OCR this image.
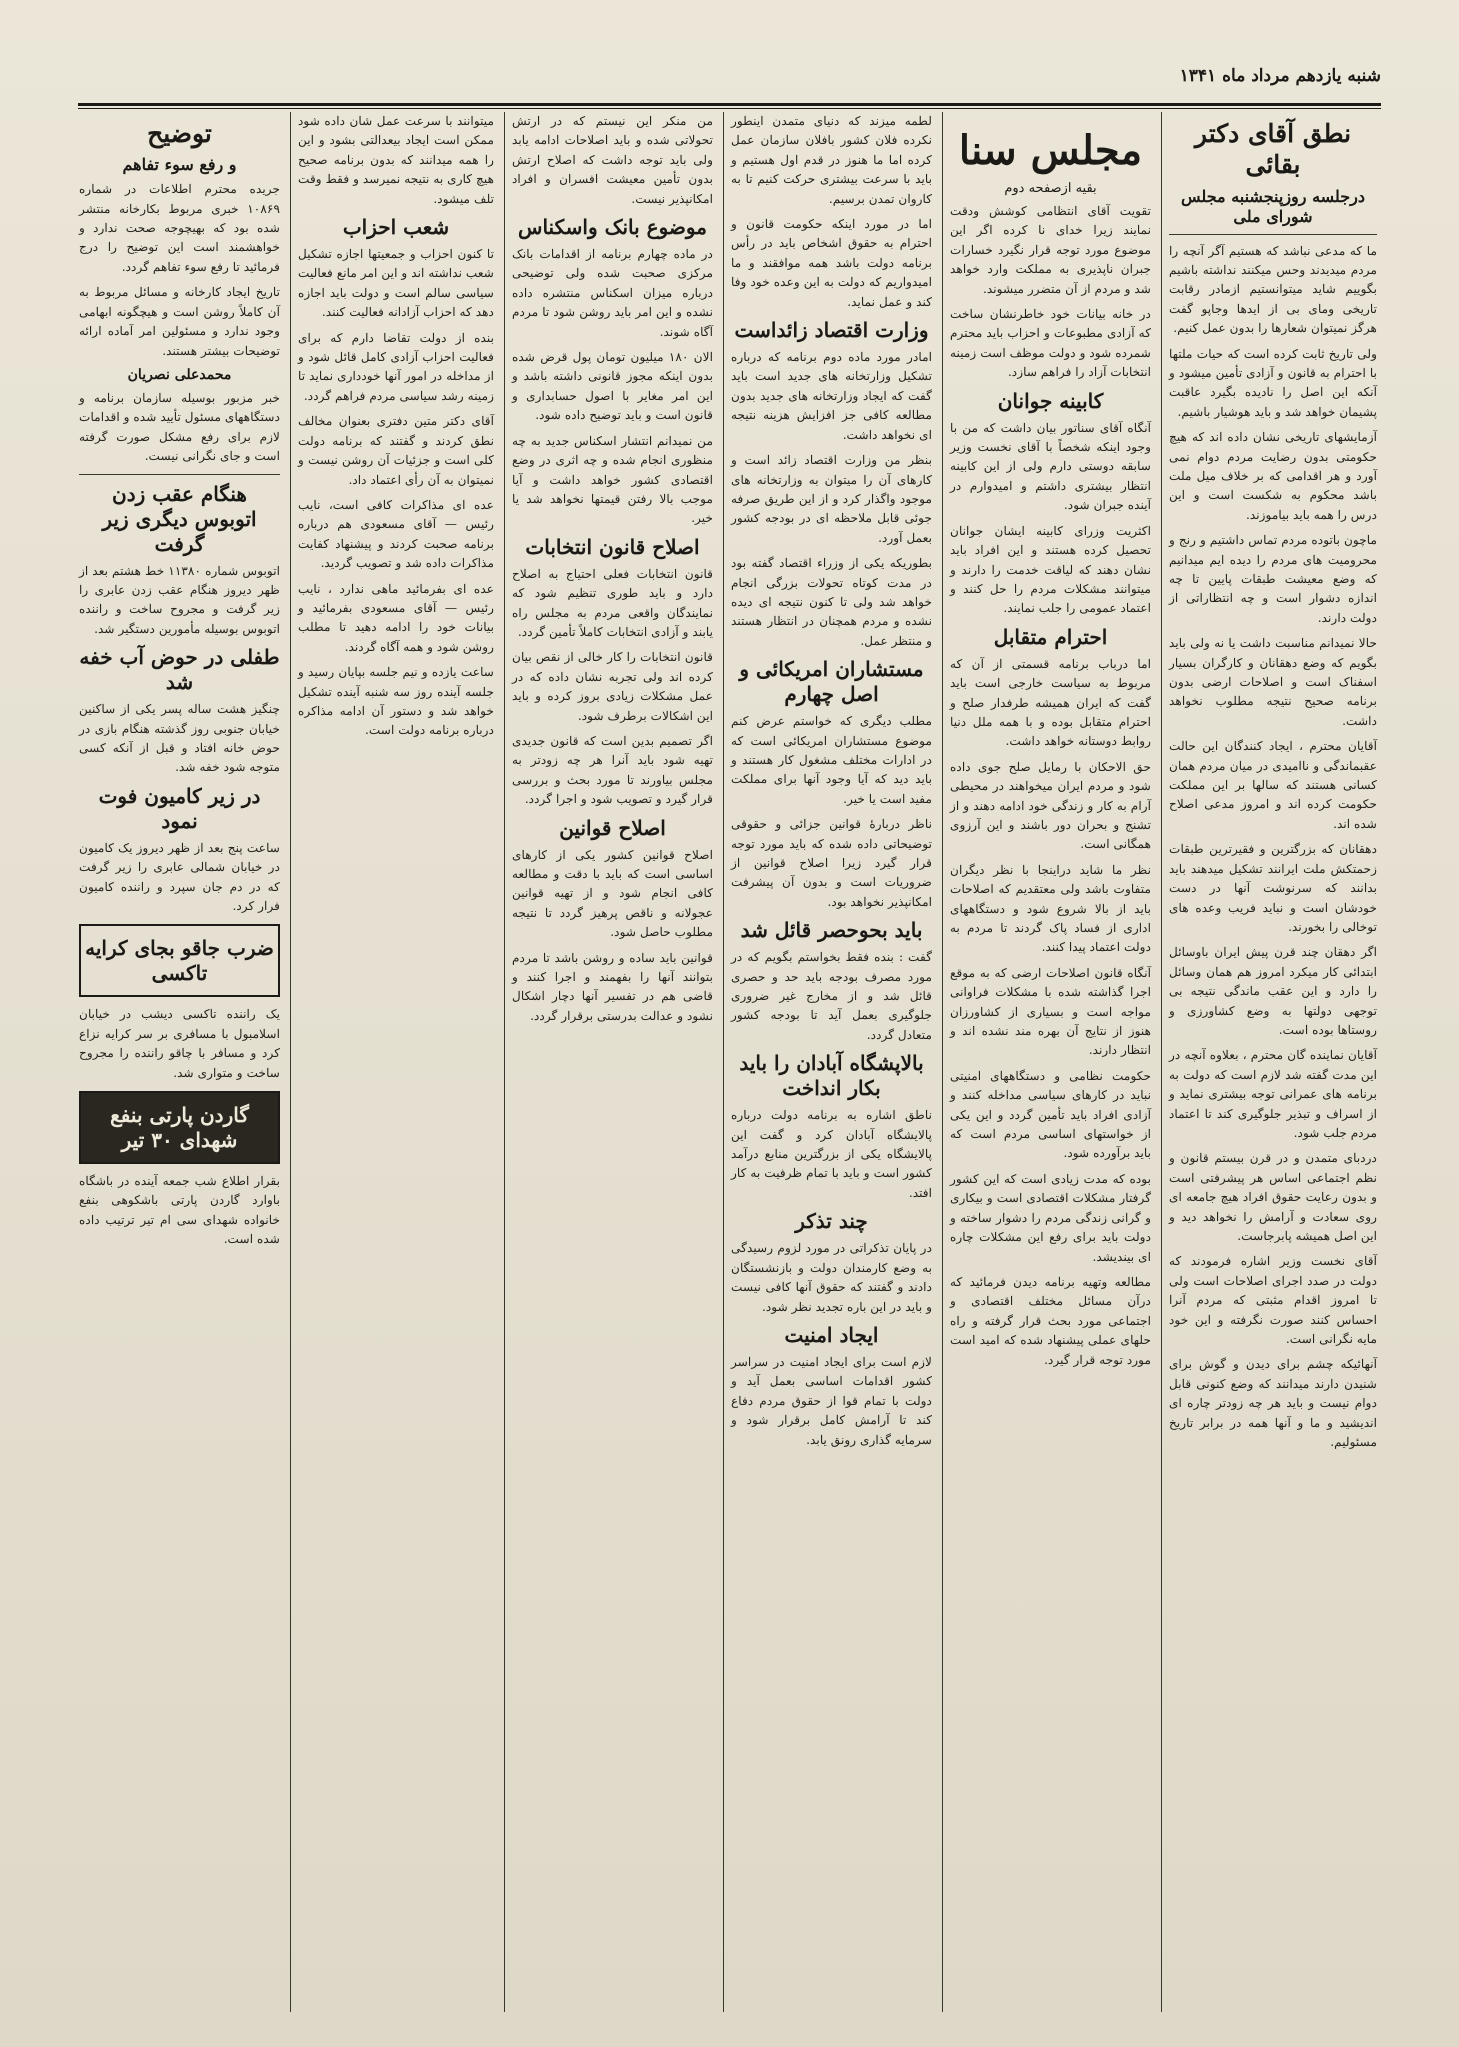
شنبه یازدهم مرداد ماه ۱۳۴۱
نطق آقای دکتر بقائی
درجلسه روزپنجشنبه مجلس شورای ملی

ما که مدعی نباشد که هستیم آگر آنچه را مردم میدیدند وحس میکنند نداشته باشیم بگوییم شاید میتوانستیم ازمادر رقابت تاریخی ومای بی از ایدها وجاپو گفت هرگز نمیتوان شعارها را بدون عمل کنیم.

ولی تاریخ ثابت کرده است که حیات ملتها با احترام به قانون و آزادی تأمین میشود و آنکه این اصل را نادیده بگیرد عاقبت پشیمان خواهد شد و باید هوشیار باشیم.

آزمایشهای تاریخی نشان داده اند که هیچ حکومتی بدون رضایت مردم دوام نمی آورد و هر اقدامی که بر خلاف میل ملت باشد محکوم به شکست است و این درس را همه باید بیاموزند.

ماچون باتوده مردم تماس داشتیم و رنج و محرومیت های مردم را دیده ایم میدانیم که وضع معیشت طبقات پایین تا چه اندازه دشوار است و چه انتظاراتی از دولت دارند.

حالا نمیدانم مناسبت داشت یا نه ولی باید بگویم که وضع دهقانان و کارگران بسیار اسفناک است و اصلاحات ارضی بدون برنامه صحیح نتیجه مطلوب نخواهد داشت.

آقایان محترم ، ایجاد کنندگان این حالت عقبماندگی و ناامیدی در میان مردم همان کسانی هستند که سالها بر این مملکت حکومت کرده اند و امروز مدعی اصلاح شده اند.

دهقانان که بزرگترین و فقیرترین طبقات زحمتکش ملت ایرانند تشکیل میدهند باید بدانند که سرنوشت آنها در دست خودشان است و نباید فریب وعده های توخالی را بخورند.

اگر دهقان چند قرن پیش ایران باوسائل ابتدائی کار میکرد امروز هم همان وسائل را دارد و این عقب ماندگی نتیجه بی توجهی دولتها به وضع کشاورزی و روستاها بوده است.

آقایان نماینده گان محترم ، بعلاوه آنچه در این مدت گفته شد لازم است که دولت به برنامه های عمرانی توجه بیشتری نماید و از اسراف و تبذیر جلوگیری کند تا اعتماد مردم جلب شود.

دردبای متمدن و در قرن بیستم قانون و نظم اجتماعی اساس هر پیشرفتی است و بدون رعایت حقوق افراد هیچ جامعه ای روی سعادت و آرامش را نخواهد دید و این اصل همیشه پابرجاست.

آقای نخست وزیر اشاره فرمودند که دولت در صدد اجرای اصلاحات است ولی تا امروز اقدام مثبتی که مردم آنرا احساس کنند صورت نگرفته و این خود مایه نگرانی است.

آنهائیکه چشم برای دیدن و گوش برای شنیدن دارند میدانند که وضع کنونی قابل دوام نیست و باید هر چه زودتر چاره ای اندیشید و ما و آنها همه در برابر تاریخ مسئولیم.

مجلس سنا
بقیه ازصفحه دوم

تقویت آقای انتظامی کوشش ودقت نمایند زیرا خدای نا کرده اگر این موضوع مورد توجه قرار نگیرد خسارات جبران ناپذیری به مملکت وارد خواهد شد و مردم از آن متضرر میشوند.

در خانه بیانات خود خاطرنشان ساخت که آزادی مطبوعات و احزاب باید محترم شمرده شود و دولت موظف است زمینه انتخابات آزاد را فراهم سازد.

کابینه جوانان

آنگاه آقای سناتور بیان داشت که من با وجود اینکه شخصاً با آقای نخست وزیر سابقه دوستی دارم ولی از این کابینه انتظار بیشتری داشتم و امیدوارم در آینده جبران شود.

اکثریت وزرای کابینه ایشان جوانان تحصیل کرده هستند و این افراد باید نشان دهند که لیاقت خدمت را دارند و میتوانند مشکلات مردم را حل کنند و اعتماد عمومی را جلب نمایند.

احترام متقابل

اما درباب برنامه قسمتی از آن که مربوط به سیاست خارجی است باید گفت که ایران همیشه طرفدار صلح و احترام متقابل بوده و با همه ملل دنیا روابط دوستانه خواهد داشت.

حق الاحکان با رمایل صلح جوی داده شود و مردم ایران میخواهند در محیطی آرام به کار و زندگی خود ادامه دهند و از تشنج و بحران دور باشند و این آرزوی همگانی است.

نظر ما شاید دراینجا با نظر دیگران متفاوت باشد ولی معتقدیم که اصلاحات باید از بالا شروع شود و دستگاههای اداری از فساد پاک گردند تا مردم به دولت اعتماد پیدا کنند.

آنگاه قانون اصلاحات ارضی که به موقع اجرا گذاشته شده با مشکلات فراوانی مواجه است و بسیاری از کشاورزان هنوز از نتایج آن بهره مند نشده اند و انتظار دارند.

حکومت نظامی و دستگاههای امنیتی نباید در کارهای سیاسی مداخله کنند و آزادی افراد باید تأمین گردد و این یکی از خواستهای اساسی مردم است که باید برآورده شود.

بوده که مدت زیادی است که این کشور گرفتار مشکلات اقتصادی است و بیکاری و گرانی زندگی مردم را دشوار ساخته و دولت باید برای رفع این مشکلات چاره ای بیندیشد.

مطالعه وتهیه برنامه دیدن فرمائید که درآن مسائل مختلف اقتصادی و اجتماعی مورد بحث قرار گرفته و راه حلهای عملی پیشنهاد شده که امید است مورد توجه قرار گیرد.

لطمه میزند که دنیای متمدن اینطور نکرده فلان کشور بافلان سازمان عمل کرده اما ما هنوز در قدم اول هستیم و باید با سرعت بیشتری حرکت کنیم تا به کاروان تمدن برسیم.

اما در مورد اینکه حکومت قانون و احترام به حقوق اشخاص باید در رأس برنامه دولت باشد همه موافقند و ما امیدواریم که دولت به این وعده خود وفا کند و عمل نماید.

وزارت اقتصاد زائداست

امادر مورد ماده دوم برنامه که درباره تشکیل وزارتخانه های جدید است باید گفت که ایجاد وزارتخانه های جدید بدون مطالعه کافی جز افزایش هزینه نتیجه ای نخواهد داشت.

بنظر من وزارت اقتصاد زائد است و کارهای آن را میتوان به وزارتخانه های موجود واگذار کرد و از این طریق صرفه جوئی قابل ملاحظه ای در بودجه کشور بعمل آورد.

بطوریکه یکی از وزراء اقتصاد گفته بود در مدت کوتاه تحولات بزرگی انجام خواهد شد ولی تا کنون نتیجه ای دیده نشده و مردم همچنان در انتظار هستند و منتظر عمل.

مستشاران امریکائی و اصل چهارم

مطلب دیگری که خواستم عرض کنم موضوع مستشاران امریکائی است که در ادارات مختلف مشغول کار هستند و باید دید که آیا وجود آنها برای مملکت مفید است یا خیر.

ناظر دربارهٔ قوانین جزائی و حقوقی توضیحاتی داده شده که باید مورد توجه قرار گیرد زیرا اصلاح قوانین از ضروریات است و بدون آن پیشرفت امکانپذیر نخواهد بود.

باید بحوحصر قائل شد

گفت : بنده فقط بخواستم بگویم که در مورد مصرف بودجه باید حد و حصری قائل شد و از مخارج غیر ضروری جلوگیری بعمل آید تا بودجه کشور متعادل گردد.

بالاپشگاه آبادان را باید بکار انداخت

ناطق اشاره به برنامه دولت درباره پالایشگاه آبادان کرد و گفت این پالایشگاه یکی از بزرگترین منابع درآمد کشور است و باید با تمام ظرفیت به کار افتد.

چند تذکر

در پایان تذکراتی در مورد لزوم رسیدگی به وضع کارمندان دولت و بازنشستگان دادند و گفتند که حقوق آنها کافی نیست و باید در این باره تجدید نظر شود.

ایجاد امنیت

لازم است برای ایجاد امنیت در سراسر کشور اقدامات اساسی بعمل آید و دولت با تمام قوا از حقوق مردم دفاع کند تا آرامش کامل برقرار شود و سرمایه گذاری رونق یابد.

من منکر این نیستم که در ارتش تحولاتی شده و باید اصلاحات ادامه یابد ولی باید توجه داشت که اصلاح ارتش بدون تأمین معیشت افسران و افراد امکانپذیر نیست.

موضوع بانک واسکناس

در ماده چهارم برنامه از اقدامات بانک مرکزی صحبت شده ولی توضیحی درباره میزان اسکناس منتشره داده نشده و این امر باید روشن شود تا مردم آگاه شوند.

الان ۱۸۰ میلیون تومان پول قرض شده بدون اینکه مجوز قانونی داشته باشد و این امر مغایر با اصول حسابداری و قانون است و باید توضیح داده شود.

من نمیدانم انتشار اسکناس جدید به چه منظوری انجام شده و چه اثری در وضع اقتصادی کشور خواهد داشت و آیا موجب بالا رفتن قیمتها نخواهد شد یا خیر.

اصلاح قانون انتخابات

قانون انتخابات فعلی احتیاج به اصلاح دارد و باید طوری تنظیم شود که نمایندگان واقعی مردم به مجلس راه یابند و آزادی انتخابات کاملاً تأمین گردد.

قانون انتخابات را کار خالی از نقص بیان کرده اند ولی تجربه نشان داده که در عمل مشکلات زیادی بروز کرده و باید این اشکالات برطرف شود.

اگر تصمیم بدین است که قانون جدیدی تهیه شود باید آنرا هر چه زودتر به مجلس بیاورند تا مورد بحث و بررسی قرار گیرد و تصویب شود و اجرا گردد.

اصلاح قوانین

اصلاح قوانین کشور یکی از کارهای اساسی است که باید با دقت و مطالعه کافی انجام شود و از تهیه قوانین عجولانه و ناقص پرهیز گردد تا نتیجه مطلوب حاصل شود.

قوانین باید ساده و روشن باشد تا مردم بتوانند آنها را بفهمند و اجرا کنند و قاضی هم در تفسیر آنها دچار اشکال نشود و عدالت بدرستی برقرار گردد.

میتوانند با سرعت عمل شان داده شود ممکن است ایجاد بیعدالتی بشود و این را همه میدانند که بدون برنامه صحیح هیچ کاری به نتیجه نمیرسد و فقط وقت تلف میشود.

شعب احزاب

تا کنون احزاب و جمعیتها اجازه تشکیل شعب نداشته اند و این امر مانع فعالیت سیاسی سالم است و دولت باید اجازه دهد که احزاب آزادانه فعالیت کنند.

بنده از دولت تقاضا دارم که برای فعالیت احزاب آزادی کامل قائل شود و از مداخله در امور آنها خودداری نماید تا زمینه رشد سیاسی مردم فراهم گردد.

آقای دکتر متین دفتری بعنوان مخالف نطق کردند و گفتند که برنامه دولت کلی است و جزئیات آن روشن نیست و نمیتوان به آن رأی اعتماد داد.

عده ای مذاکرات کافی است، نایب رئیس — آقای مسعودی هم درباره برنامه صحبت کردند و پیشنهاد کفایت مذاکرات داده شد و تصویب گردید.

عده ای بفرمائید ماهی ندارد ، نایب رئیس — آقای مسعودی بفرمائید و بیانات خود را ادامه دهید تا مطلب روشن شود و همه آگاه گردند.

ساعت یازده و نیم جلسه بپایان رسید و جلسه آینده روز سه شنبه آینده تشکیل خواهد شد و دستور آن ادامه مذاکره درباره برنامه دولت است.

توضیح
و رفع سوء تفاهم

جریده محترم اطلاعات در شماره ۱۰۸۶۹ خبری مربوط بکارخانه منتشر شده بود که بهیچوجه صحت ندارد و خواهشمند است این توضیح را درج فرمائید تا رفع سوء تفاهم گردد.

تاریخ ایجاد کارخانه و مسائل مربوط به آن کاملاً روشن است و هیچگونه ابهامی وجود ندارد و مسئولین امر آماده ارائه توضیحات بیشتر هستند.

محمدعلی نصریان

خبر مزبور بوسیله سازمان برنامه و دستگاههای مسئول تأیید شده و اقدامات لازم برای رفع مشکل صورت گرفته است و جای نگرانی نیست.

هنگام عقب زدن اتوبوس دیگری زیر گرفت

اتوبوس شماره ۱۱۳۸۰ خط هشتم بعد از ظهر دیروز هنگام عقب زدن عابری را زیر گرفت و مجروح ساخت و راننده اتوبوس بوسیله مأمورین دستگیر شد.

طفلی در حوض آب خفه شد

چنگیز هشت ساله پسر یکی از ساکنین خیابان جنوبی روز گذشته هنگام بازی در حوض خانه افتاد و قبل از آنکه کسی متوجه شود خفه شد.

در زیر کامیون فوت نمود

ساعت پنج بعد از ظهر دیروز یک کامیون در خیابان شمالی عابری را زیر گرفت که در دم جان سپرد و راننده کامیون فرار کرد.

ضرب جاقو بجای کرایه تاکسی

یک راننده تاکسی دیشب در خیابان اسلامبول با مسافری بر سر کرایه نزاع کرد و مسافر با چاقو راننده را مجروح ساخت و متواری شد.

گاردن پارتی بنفع شهدای ۳۰ تیر

بقرار اطلاع شب جمعه آینده در باشگاه باوارد گاردن پارتی باشکوهی بنفع خانواده شهدای سی ام تیر ترتیب داده شده است.
